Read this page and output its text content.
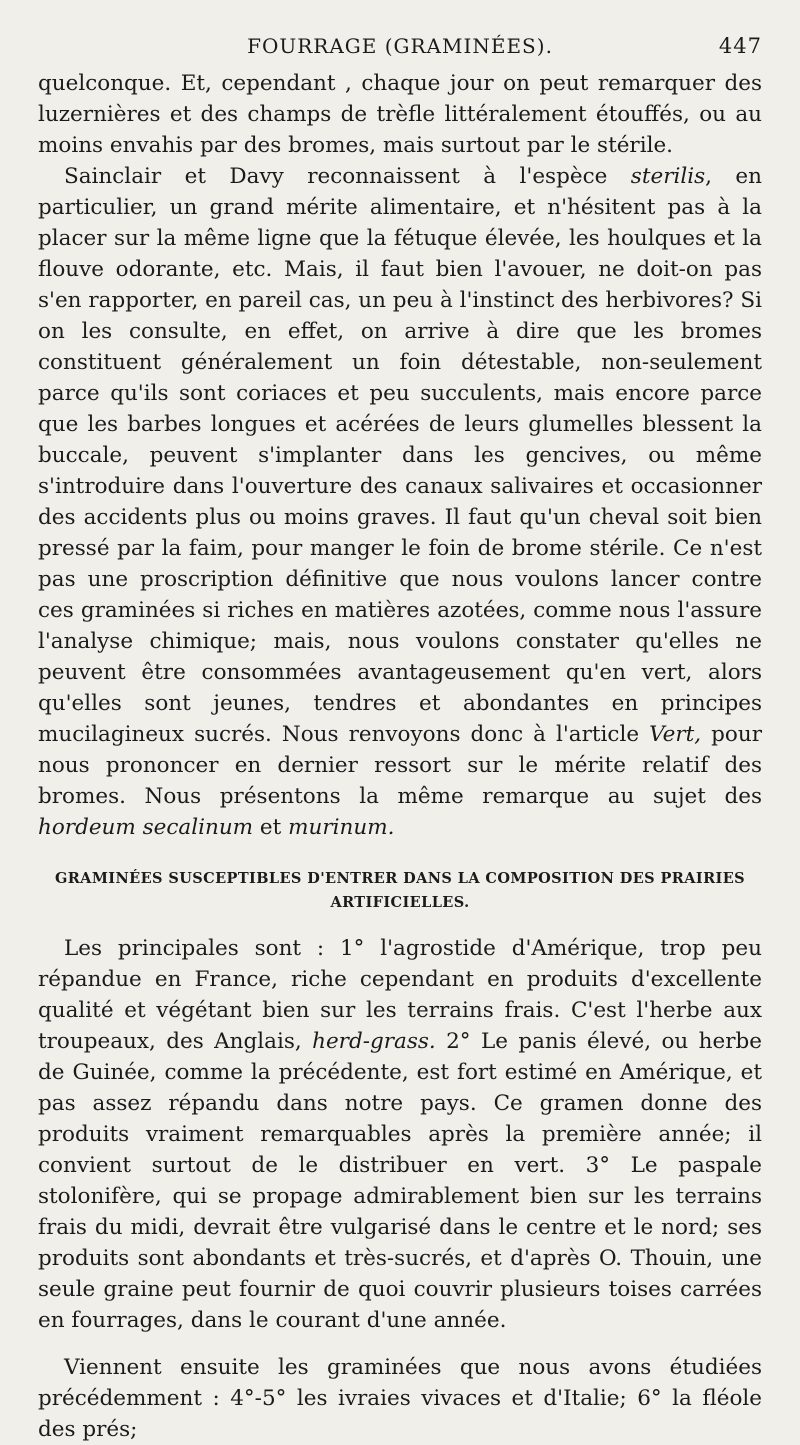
FOURRAGE (GRAMINÉES).	447

quelconque. Et, cependant , chaque jour on peut remarquer des luzernières et des champs de trèfle littéralement étouffés, ou au moins envahis par des bromes, mais surtout par le stérile.

Sainclair et Davy reconnaissent à l'espèce sterilis, en particulier, un grand mérite alimentaire, et n'hésitent pas à la placer sur la même ligne que la fétuque élevée, les houlques et la flouve odorante, etc. Mais, il faut bien l'avouer, ne doit-on pas s'en rapporter, en pareil cas, un peu à l'instinct des herbivores? Si on les consulte, en effet, on arrive à dire que les bromes constituent généralement un foin détestable, non-seulement parce qu'ils sont coriaces et peu succulents, mais encore parce que les barbes longues et acérées de leurs glumelles blessent la buccale, peuvent s'implanter dans les gencives, ou même s'introduire dans l'ouverture des canaux salivaires et occasionner des accidents plus ou moins graves. Il faut qu'un cheval soit bien pressé par la faim, pour manger le foin de brome stérile. Ce n'est pas une proscription définitive que nous voulons lancer contre ces graminées si riches en matières azotées, comme nous l'assure l'analyse chimique; mais, nous voulons constater qu'elles ne peuvent être consommées avantageusement qu'en vert, alors qu'elles sont jeunes, tendres et abondantes en principes mucilagineux sucrés. Nous renvoyons donc à l'article Vert, pour nous prononcer en dernier ressort sur le mérite relatif des bromes. Nous présentons la même remarque au sujet des hordeum secalinum et murinum.

GRAMINÉES SUSCEPTIBLES D'ENTRER DANS LA COMPOSITION DES PRAIRIES ARTIFICIELLES.

Les principales sont : 1° l'agrostide d'Amérique, trop peu répandue en France, riche cependant en produits d'excellente qualité et végétant bien sur les terrains frais. C'est l'herbe aux troupeaux, des Anglais, herd-grass. 2° Le panis élevé, ou herbe de Guinée, comme la précédente, est fort estimé en Amérique, et pas assez répandu dans notre pays. Ce gramen donne des produits vraiment remarquables après la première année; il convient surtout de le distribuer en vert. 3° Le paspale stolonifère, qui se propage admirablement bien sur les terrains frais du midi, devrait être vulgarisé dans le centre et le nord; ses produits sont abondants et très-sucrés, et d'après O. Thouin, une seule graine peut fournir de quoi couvrir plusieurs toises carrées en fourrages, dans le courant d'une année.

Viennent ensuite les graminées que nous avons étudiées précédemment : 4°-5° les ivraies vivaces et d'Italie; 6° la fléole des prés;
